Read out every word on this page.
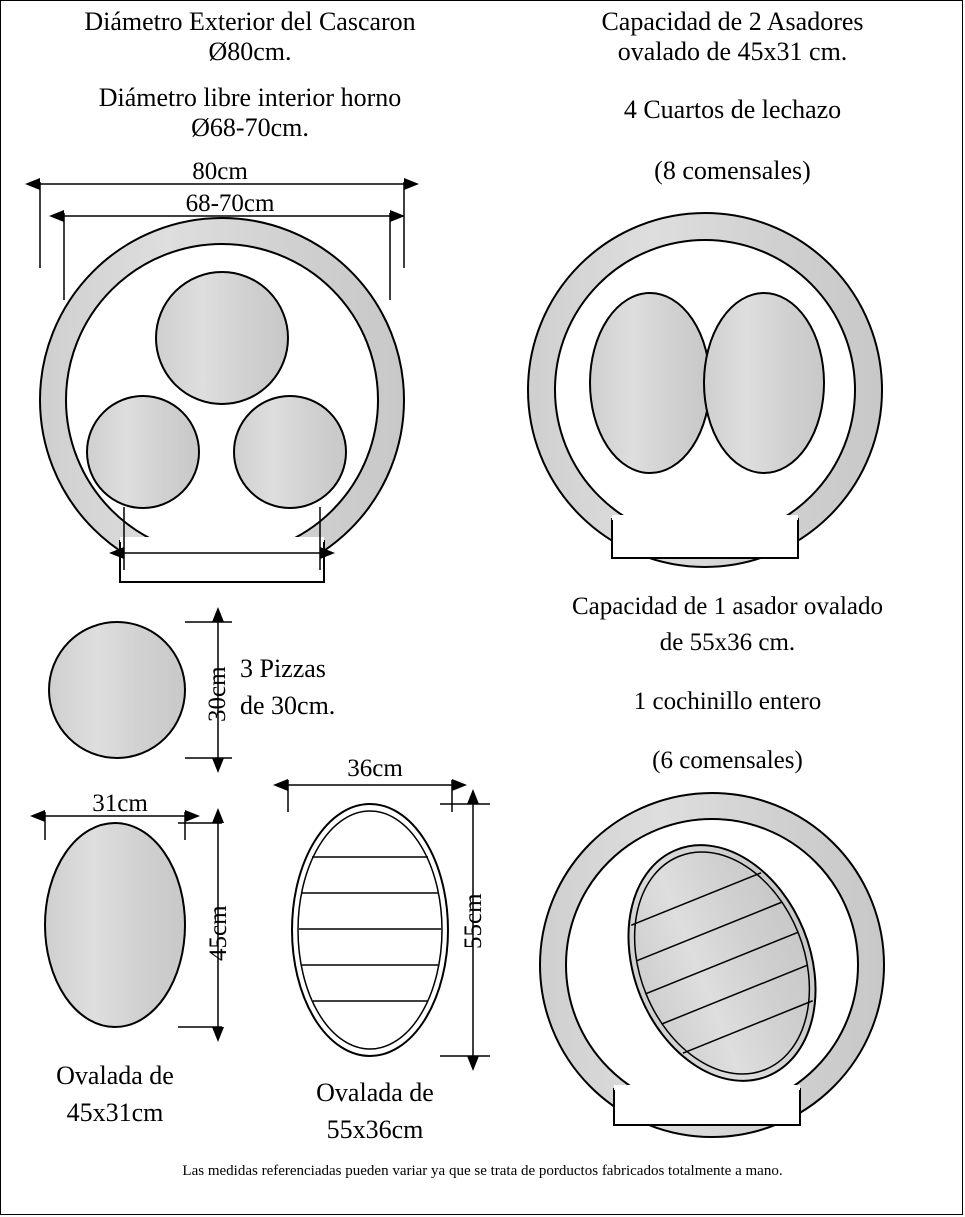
Diámetro Exterior del Cascaron
Ø80cm.
Diámetro libre interior horno
Ø68-70cm.
Capacidad de 2 Asadores
ovalado de 45x31 cm.
4 Cuartos de lechazo
(8 comensales)
Capacidad de 1 asador ovalado
de 55x36 cm.
1 cochinillo entero
(6 comensales)
80cm
68-70cm
30cm 3 Pizzas
de 30cm.
31cm
45cm
36cm
55cm
Ovalada de
45x31cm
Ovalada de
55x36cm
Las medidas referenciadas pueden variar ya que se trata de porductos fabricados totalmente a mano.
